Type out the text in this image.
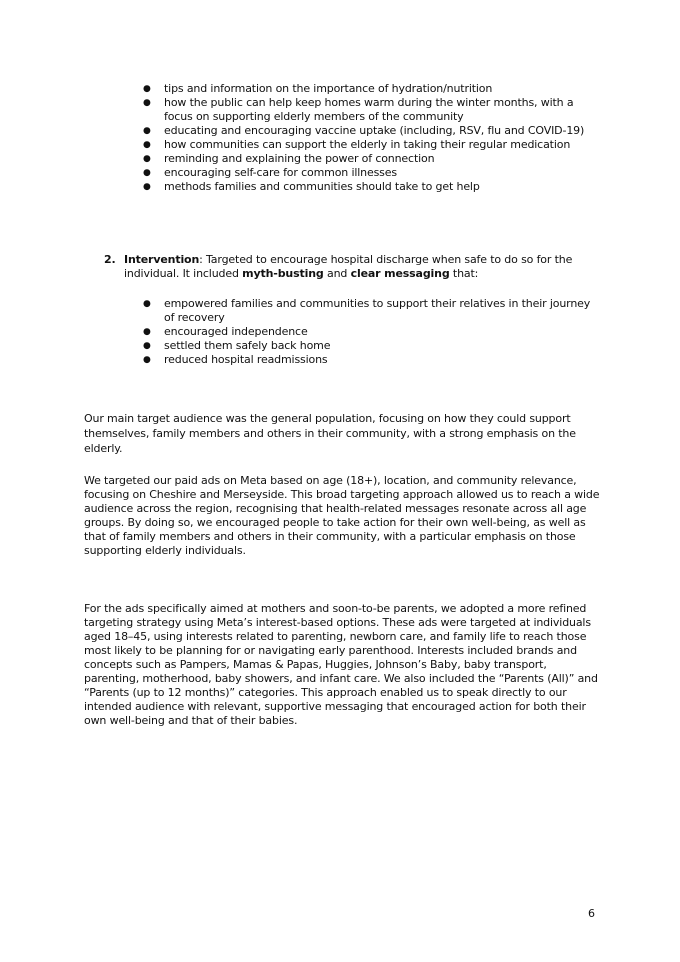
● tips and information on the importance of hydration/nutrition
● how the public can help keep homes warm during the winter months, with a focus on supporting elderly members of the community
● educating and encouraging vaccine uptake (including, RSV, flu and COVID-19)
● how communities can support the elderly in taking their regular medication
● reminding and explaining the power of connection
● encouraging self-care for common illnesses
● methods families and communities should take to get help
2. Intervention: Targeted to encourage hospital discharge when safe to do so for the individual. It included myth-busting and clear messaging that:
● empowered families and communities to support their relatives in their journey of recovery
● encouraged independence
● settled them safely back home
● reduced hospital readmissions

Our main target audience was the general population, focusing on how they could support themselves, family members and others in their community, with a strong emphasis on the elderly.

We targeted our paid ads on Meta based on age (18+), location, and community relevance, focusing on Cheshire and Merseyside. This broad targeting approach allowed us to reach a wide audience across the region, recognising that health-related messages resonate across all age groups. By doing so, we encouraged people to take action for their own well-being, as well as that of family members and others in their community, with a particular emphasis on those supporting elderly individuals.

For the ads specifically aimed at mothers and soon-to-be parents, we adopted a more refined targeting strategy using Meta’s interest-based options. These ads were targeted at individuals aged 18–45, using interests related to parenting, newborn care, and family life to reach those most likely to be planning for or navigating early parenthood. Interests included brands and concepts such as Pampers, Mamas & Papas, Huggies, Johnson’s Baby, baby transport, parenting, motherhood, baby showers, and infant care. We also included the “Parents (All)” and “Parents (up to 12 months)” categories. This approach enabled us to speak directly to our intended audience with relevant, supportive messaging that encouraged action for both their own well-being and that of their babies.

6
